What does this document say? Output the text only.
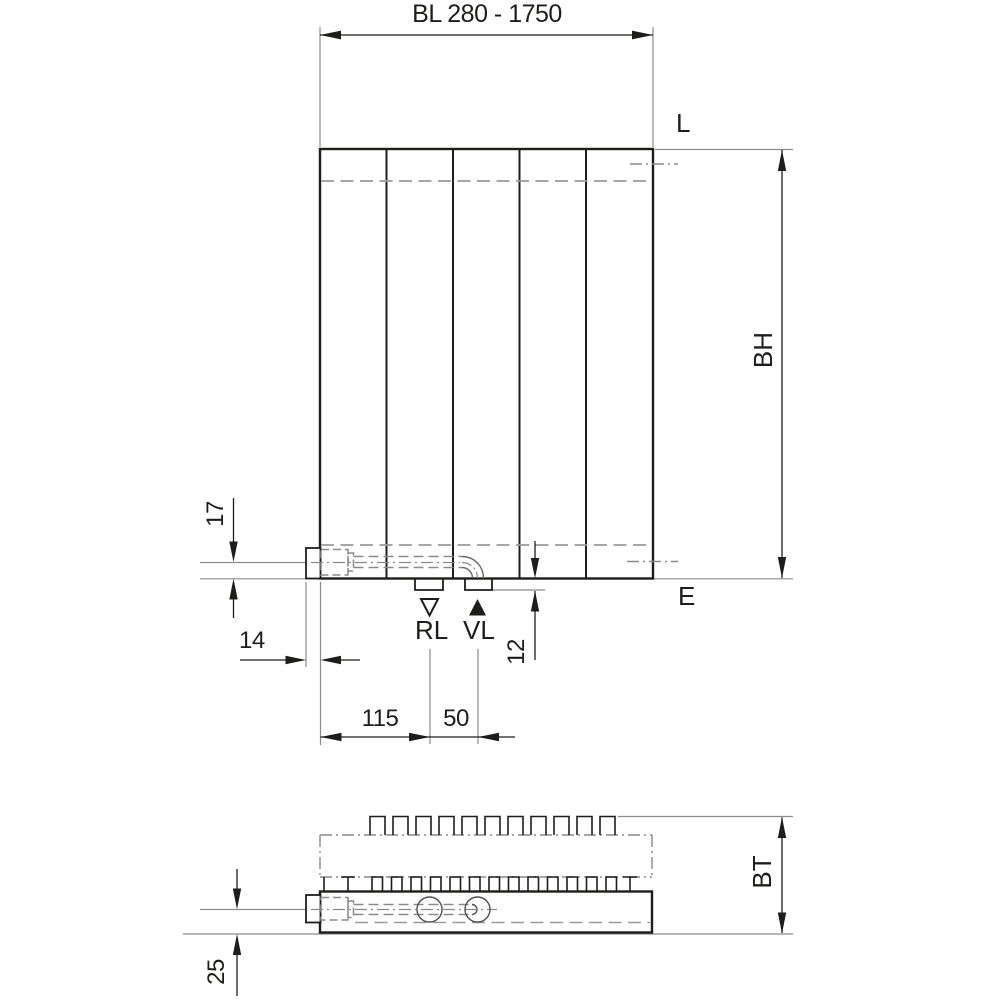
BL 280 - 1750
L
BH
E
RL VL
17
14
115 50
12
BT
25
